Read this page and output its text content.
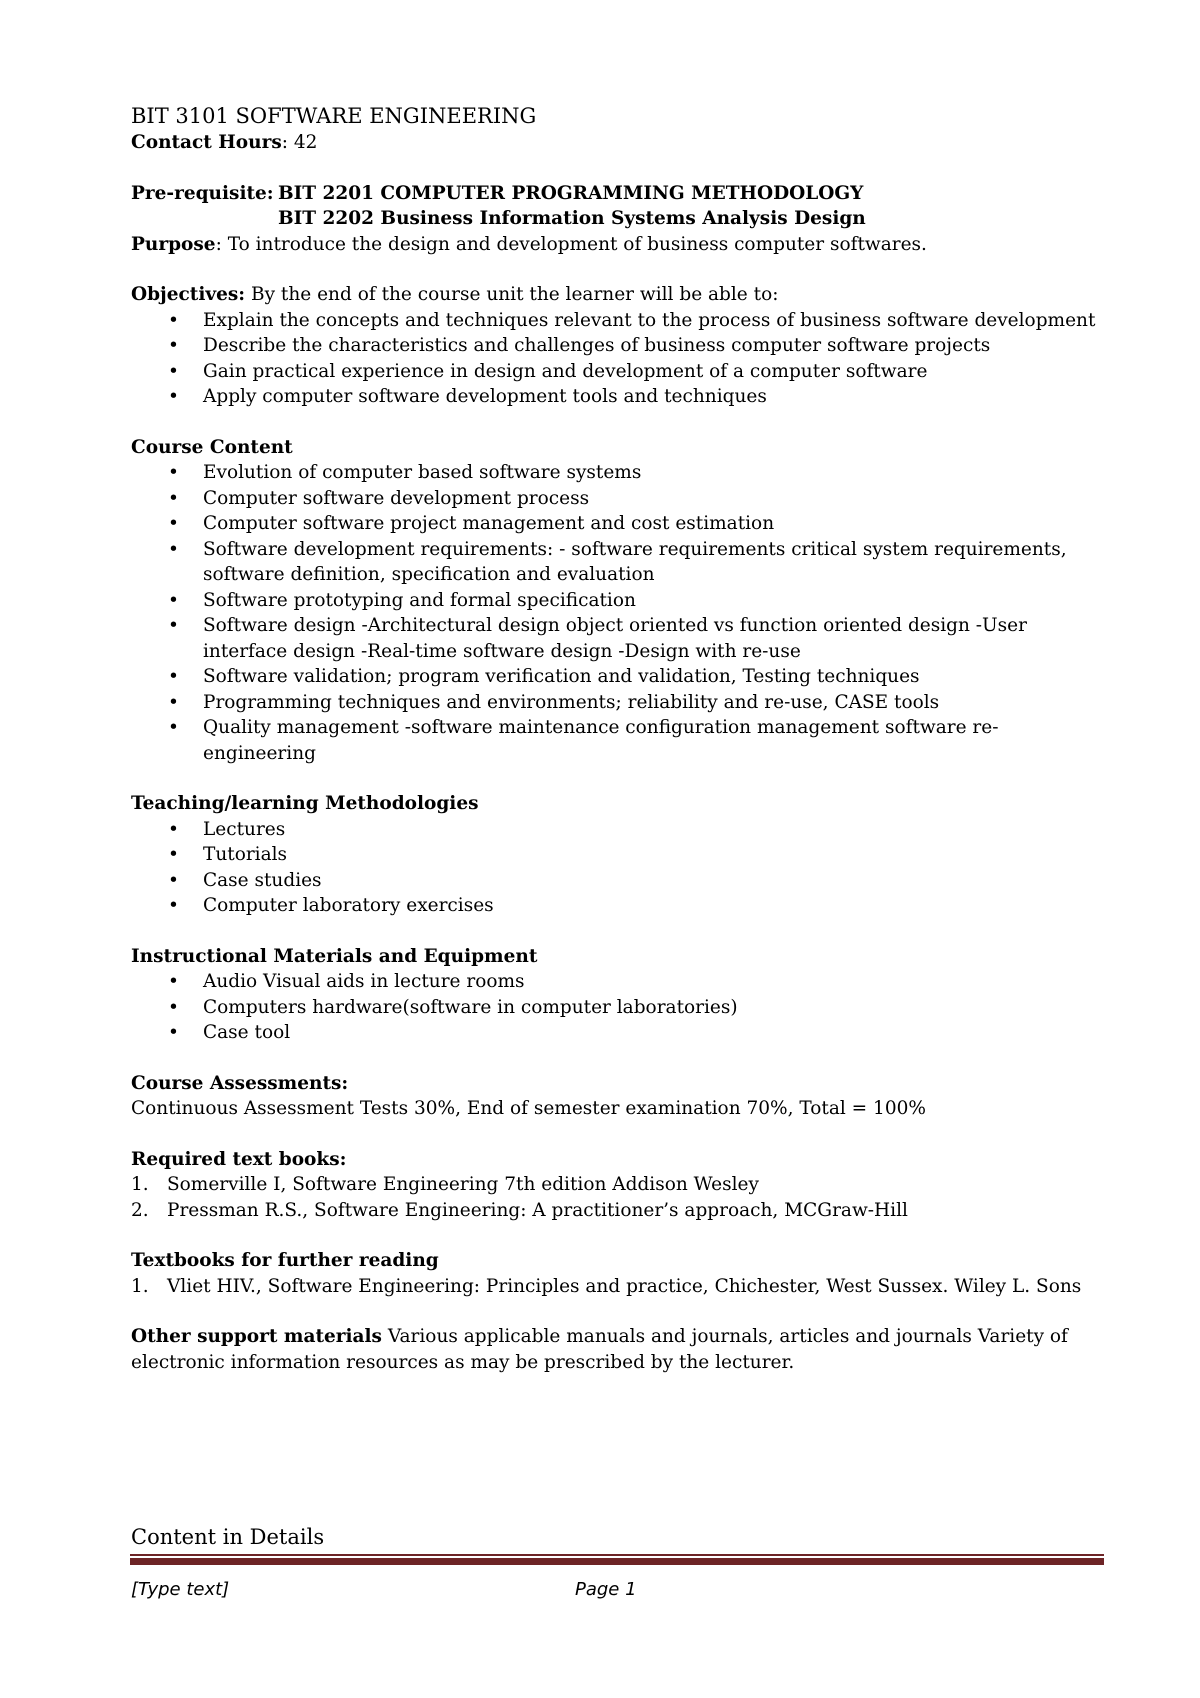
BIT 3101 SOFTWARE ENGINEERING

Contact Hours: 42

Pre-requisite: BIT 2201 COMPUTER PROGRAMMING METHODOLOGY

BIT 2202 Business Information Systems Analysis Design

Purpose: To introduce the design and development of business computer softwares.

Objectives: By the end of the course unit the learner will be able to:

• Explain the concepts and techniques relevant to the process of business software development
• Describe the characteristics and challenges of business computer software projects
• Gain practical experience in design and development of a computer software
• Apply computer software development tools and techniques

Course Content

• Evolution of computer based software systems
• Computer software development process
• Computer software project management and cost estimation
• Software development requirements: - software requirements critical system requirements, software definition, specification and evaluation
• Software prototyping and formal specification
• Software design -Architectural design object oriented vs function oriented design -User interface design -Real-time software design -Design with re-use
• Software validation; program verification and validation, Testing techniques
• Programming techniques and environments; reliability and re-use, CASE tools
• Quality management -software maintenance configuration management software re-engineering

Teaching/learning Methodologies

• Lectures
• Tutorials
• Case studies
• Computer laboratory exercises

Instructional Materials and Equipment

• Audio Visual aids in lecture rooms
• Computers hardware(software in computer laboratories)
• Case tool

Course Assessments:

Continuous Assessment Tests 30%, End of semester examination 70%, Total = 100%

Required text books:

1. Somerville I, Software Engineering 7th edition Addison Wesley
2. Pressman R.S., Software Engineering: A practitioner’s approach, MCGraw-Hill

Textbooks for further reading

1. Vliet HIV., Software Engineering: Principles and practice, Chichester, West Sussex. Wiley L. Sons

Other support materials Various applicable manuals and journals, articles and journals Variety of electronic information resources as may be prescribed by the lecturer.

Content in Details
[Type text]	Page 1
